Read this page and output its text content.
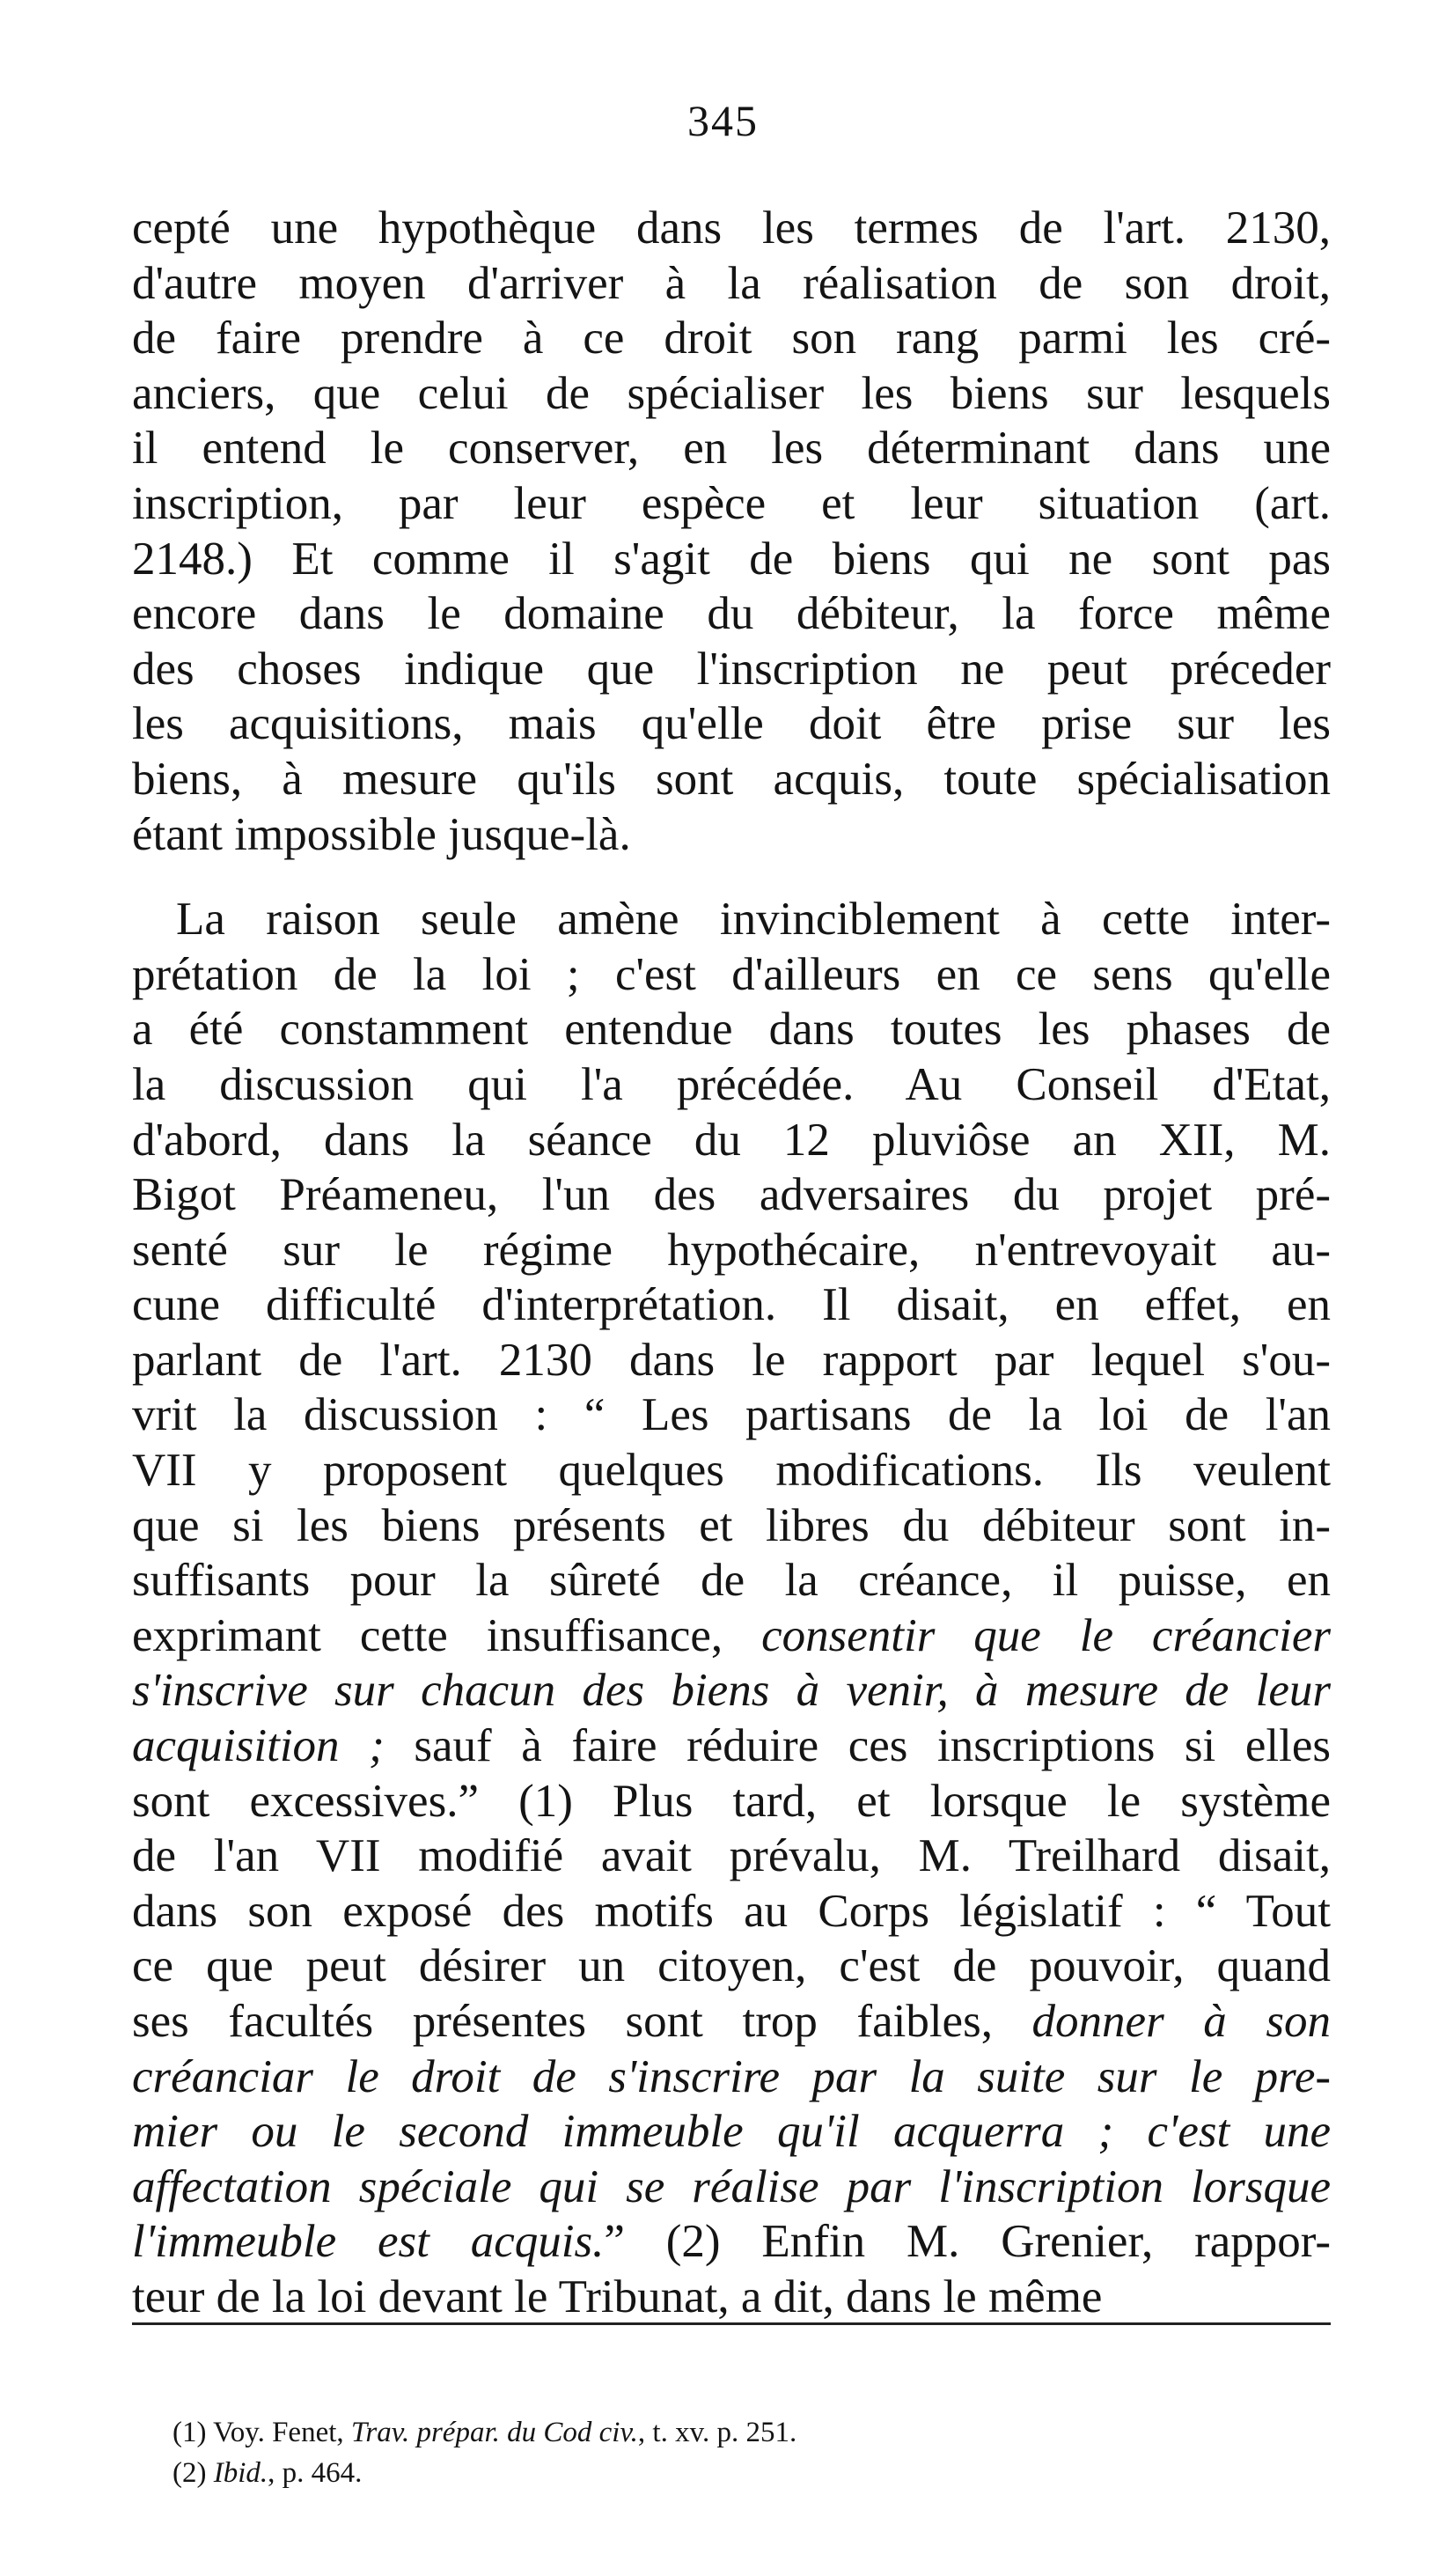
345
cepté une hypothèque dans les termes de l'art. 2130,
d'autre moyen d'arriver à la réalisation de son droit,
de faire prendre à ce droit son rang parmi les cré-
anciers, que celui de spécialiser les biens sur lesquels
il entend le conserver, en les déterminant dans une
inscription, par leur espèce et leur situation (art.
2148.) Et comme il s'agit de biens qui ne sont pas
encore dans le domaine du débiteur, la force même
des choses indique que l'inscription ne peut préceder
les acquisitions, mais qu'elle doit être prise sur les
biens, à mesure qu'ils sont acquis, toute spécialisation
étant impossible jusque-là.
La raison seule amène invinciblement à cette inter-
prétation de la loi ; c'est d'ailleurs en ce sens qu'elle
a été constamment entendue dans toutes les phases de
la discussion qui l'a précédée. Au Conseil d'Etat,
d'abord, dans la séance du 12 pluviôse an XII, M.
Bigot Préameneu, l'un des adversaires du projet pré-
senté sur le régime hypothécaire, n'entrevoyait au-
cune difficulté d'interprétation. Il disait, en effet, en
parlant de l'art. 2130 dans le rapport par lequel s'ou-
vrit la discussion : “ Les partisans de la loi de l'an
VII y proposent quelques modifications. Ils veulent
que si les biens présents et libres du débiteur sont in-
suffisants pour la sûreté de la créance, il puisse, en
exprimant cette insuffisance, consentir que le créancier
s'inscrive sur chacun des biens à venir, à mesure de leur
acquisition ; sauf à faire réduire ces inscriptions si elles
sont excessives.” (1) Plus tard, et lorsque le système
de l'an VII modifié avait prévalu, M. Treilhard disait,
dans son exposé des motifs au Corps législatif : “ Tout
ce que peut désirer un citoyen, c'est de pouvoir, quand
ses facultés présentes sont trop faibles, donner à son
créanciar le droit de s'inscrire par la suite sur le pre-
mier ou le second immeuble qu'il acquerra ; c'est une
affectation spéciale qui se réalise par l'inscription lorsque
l'immeuble est acquis.” (2) Enfin M. Grenier, rappor-
teur de la loi devant le Tribunat, a dit, dans le même
(1) Voy. Fenet, Trav. prépar. du Cod civ., t. xv. p. 251.
(2) Ibid., p. 464.
